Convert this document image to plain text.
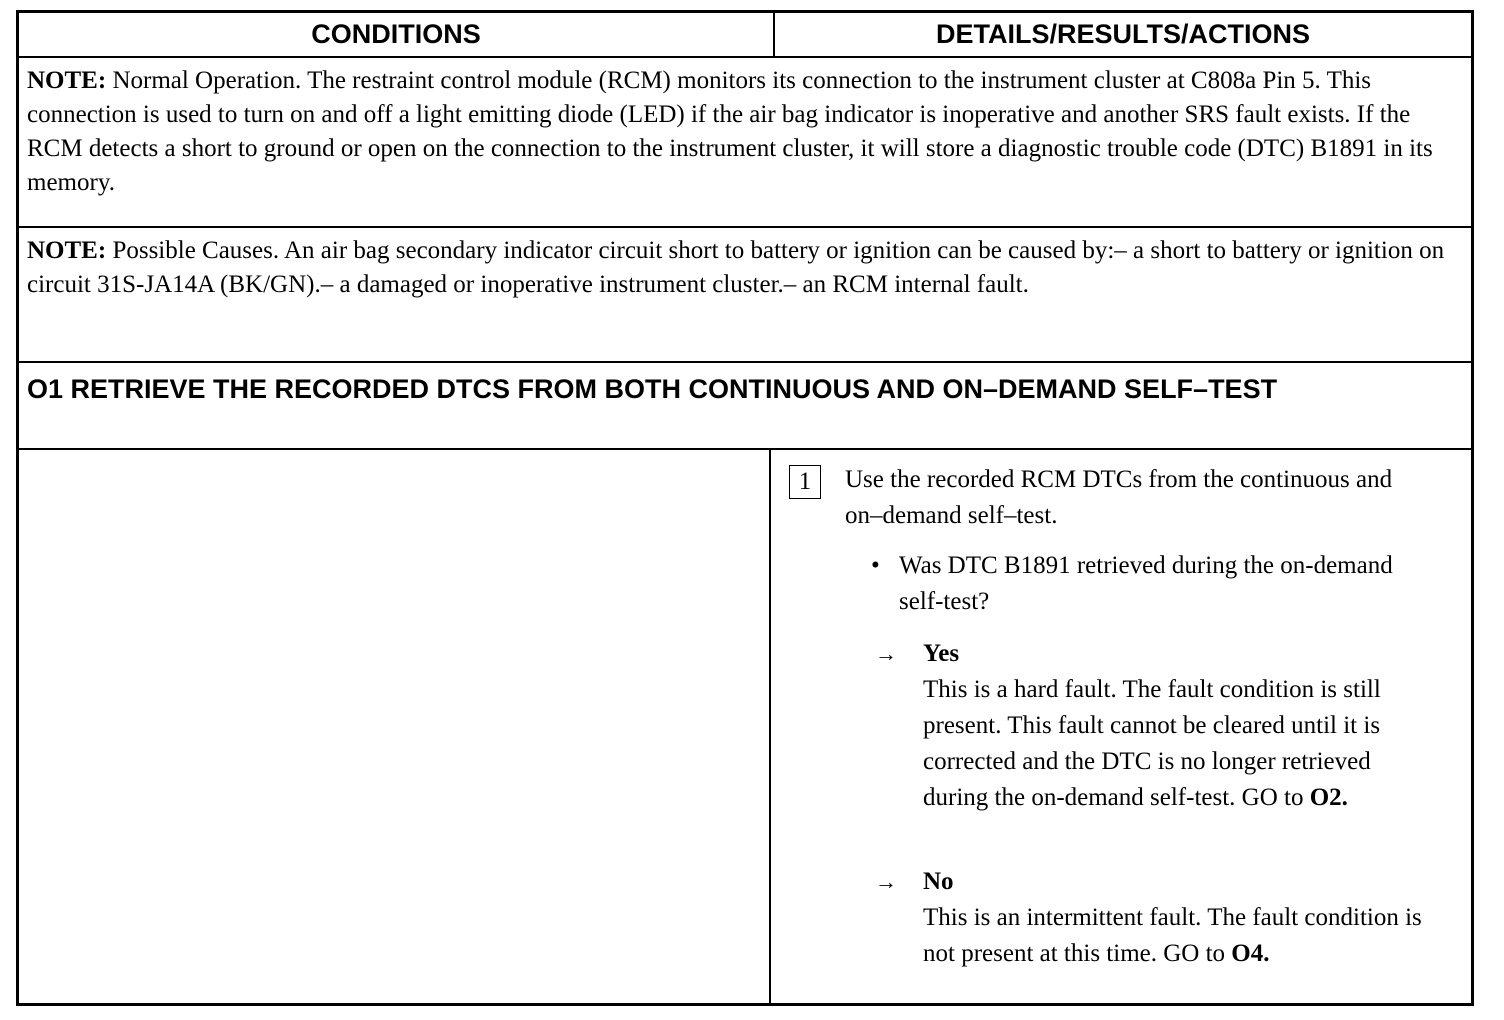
CONDITIONS	DETAILS/RESULTS/ACTIONS
NOTE: Normal Operation. The restraint control module (RCM) monitors its connection to the instrument cluster at C808a Pin 5. This connection is used to turn on and off a light emitting diode (LED) if the air bag indicator is inoperative and another SRS fault exists. If the RCM detects a short to ground or open on the connection to the instrument cluster, it will store a diagnostic trouble code (DTC) B1891 in its memory.
NOTE: Possible Causes. An air bag secondary indicator circuit short to battery or ignition can be caused by:– a short to battery or ignition on circuit 31S-JA14A (BK/GN).– a damaged or inoperative instrument cluster.– an RCM internal fault.
O1 RETRIEVE THE RECORDED DTCS FROM BOTH CONTINUOUS AND ON–DEMAND SELF–TEST
1	Use the recorded RCM DTCs from the continuous and on–demand self–test.
• Was DTC B1891 retrieved during the on-demand self-test?
→	Yes
This is a hard fault. The fault condition is still present. This fault cannot be cleared until it is corrected and the DTC is no longer retrieved during the on-demand self-test. GO to O2.
→	No
This is an intermittent fault. The fault condition is not present at this time. GO to O4.
